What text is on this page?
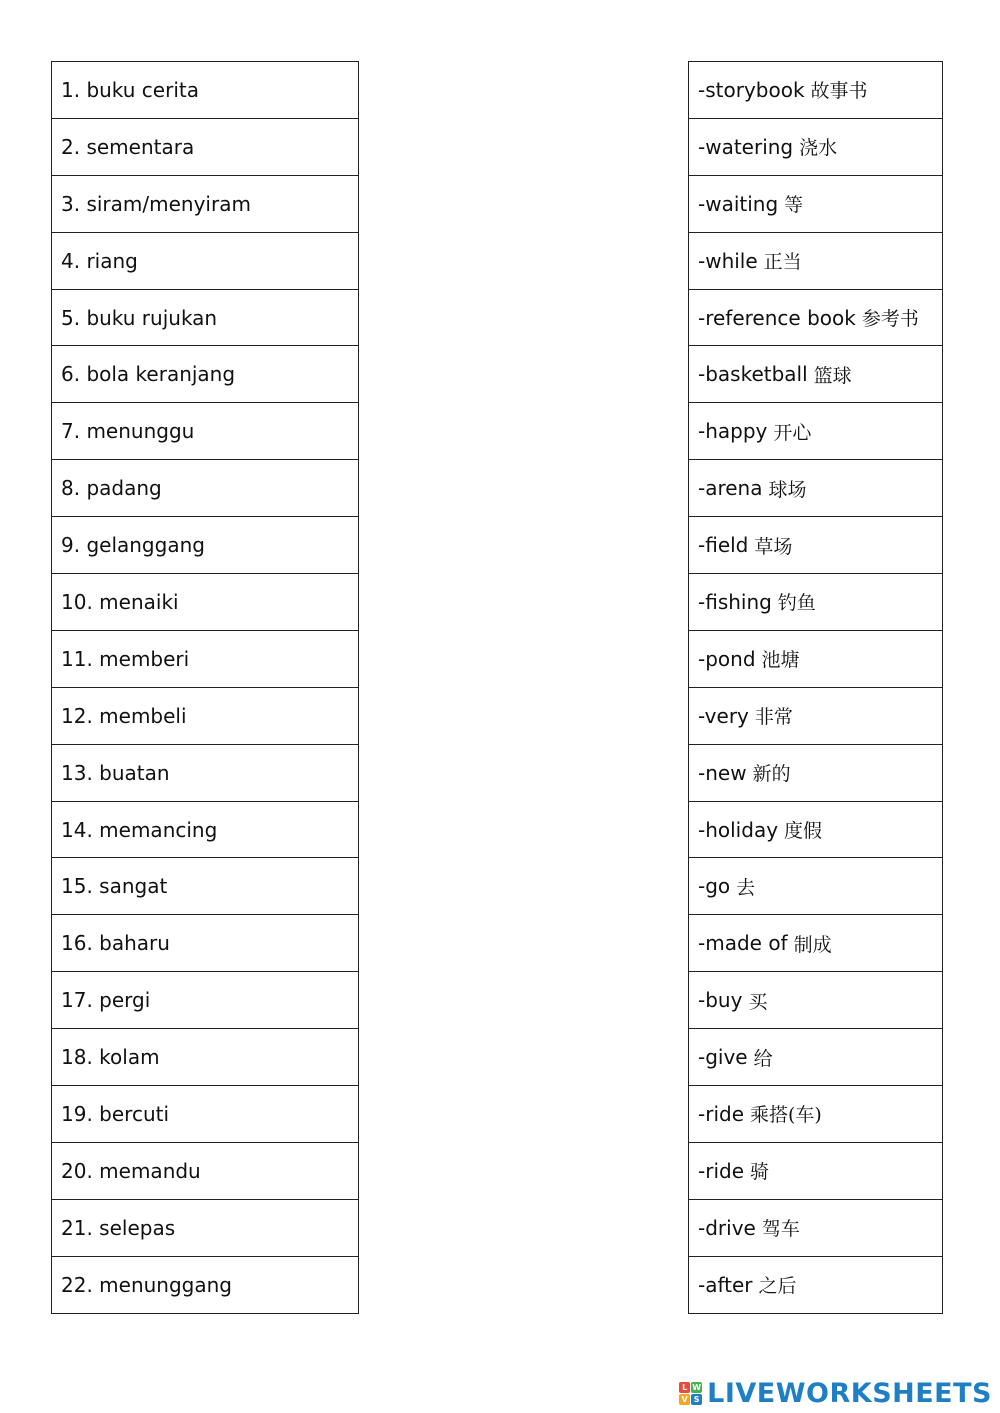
1. buku cerita
2. sementara
3. siram/menyiram
4. riang
5. buku rujukan
6. bola keranjang
7. menunggu
8. padang
9. gelanggang
10. menaiki
11. memberi
12. membeli
13. buatan
14. memancing
15. sangat
16. baharu
17. pergi
18. kolam
19. bercuti
20. memandu
21. selepas
22. menunggang
-storybook 故事书
-watering 浇水
-waiting 等
-while 正当
-reference book 参考书
-basketball 篮球
-happy 开心
-arena 球场
-field 草场
-fishing 钓鱼
-pond 池塘
-very 非常
-new 新的
-holiday 度假
-go 去
-made of 制成
-buy 买
-give 给
-ride 乘搭(车)
-ride 骑
-drive 驾车
-after 之后
L W
V S LIVEWORKSHEETS
